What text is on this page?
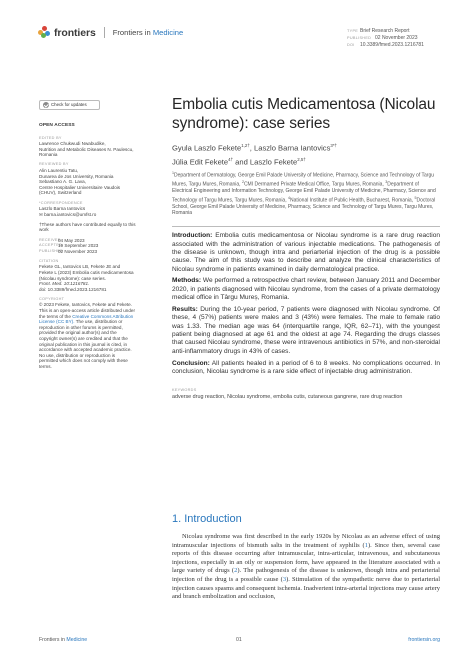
frontiers Frontiers in Medicine	TYPE Brief Research Report
PUBLISHED 02 November 2023
DOI 10.3389/fmed.2023.1216781
Check for updates
OPEN ACCESS
EDITED BY
Lawrence Chukwudi Nwabudike,
Nutrition and Metabolic Diseases N. Paulescu,
Romania
REVIEWED BY
Alin Laurentiu Tatu,
Dunarea de Jos University, Romania
Sebastiano A. G. Lava,
Centre Hospitalier Universitaire Vaudois
(CHUV), Switzerland
*CORRESPONDENCE
Laszlo Barna Iantovics
✉ barna.iantovics@umfst.ro
†These authors have contributed equally to this
work
RECEIVED
04 May 2023
ACCEPTED
19 September 2023
PUBLISHED
02 November 2023
CITATION
Fekete GL, Iantovics LB, Fekete JE and
Fekete L (2023) Embolia cutis medicamentosa
(Nicolau syndrome): case series.
Front. Med. 10:1216781.
doi: 10.3389/fmed.2023.1216781
COPYRIGHT
© 2023 Fekete, Iantovics, Fekete and Fekete.
This is an open-access article distributed under
the terms of the Creative Commons Attribution
License (CC BY). The use, distribution or
reproduction in other forums is permitted,
provided the original author(s) and the
copyright owner(s) are credited and that the
original publication in this journal is cited, in
accordance with accepted academic practice.
No use, distribution or reproduction is
permitted which does not comply with these
terms.
Embolia cutis Medicamentosa (Nicolau syndrome): case series
Gyula Laszlo Fekete$^{1,2\dagger}$, Laszlo Barna Iantovics$^{3*\dagger}$
Júlia Edit Fekete$^{4\dagger}$ and Laszlo Fekete$^{2,5\dagger}$
$^1$Department of Dermatology, George Emil Palade University of Medicine, Pharmacy, Science and Technology of Targu Mures, Targu Mures, Romania, $^2$CMI Dermamed Private Medical Office, Targu Mures, Romania, $^3$Department of Electrical Engineering and Information Technology, George Emil Palade University of Medicine, Pharmacy, Science and Technology of Targu Mures, Targu Mures, Romania, $^4$National Institute of Public Health, Bucharest, Romania, $^5$Doctoral School, George Emil Palade University of Medicine, Pharmacy, Science and Technology of Targu Mures, Targu Mures, Romania

Introduction: Embolia cutis medicamentosa or Nicolau syndrome is a rare drug reaction associated with the administration of various injectable medications. The pathogenesis of the disease is unknown, though intra and periarterial injection of the drug is a possible cause. The aim of this study was to describe and analyze the clinical characteristics of Nicolau syndrome in patients examined in daily dermatological practice.

Methods: We performed a retrospective chart review, between January 2011 and December 2020, in patients diagnosed with Nicolau syndrome, from the cases of a private dermatology medical office in Târgu Mureș, Romania.

Results: During the 10-year period, 7 patients were diagnosed with Nicolau syndrome. Of these, 4 (57%) patients were males and 3 (43%) were females. The male to female ratio was 1.33. The median age was 64 (interquartile range, IQR, 62–71), with the youngest patient being diagnosed at age 61 and the oldest at age 74. Regarding the drugs classes that caused Nicolau syndrome, these were intravenous antibiotics in 57%, and non-steroidal anti-inflammatory drugs in 43% of cases.

Conclusion: All patients healed in a period of 6 to 8 weeks. No complications occurred. In conclusion, Nicolau syndrome is a rare side effect of injectable drug administration.

KEYWORDS
adverse drug reaction, Nicolau syndrome, embolia cutis, cutaneous gangrene, rare drug reaction
1. Introduction

Nicolau syndrome was first described in the early 1920s by Nicolau as an adverse effect of using intramuscular injections of bismuth salts in the treatment of syphilis (1). Since then, several case reports of this disease occurring after intramuscular, intra-articular, intravenous, and subcutaneous injections, especially in an oily or suspension form, have appeared in the literature associated with a large variety of drugs (2). The pathogenesis of the disease is unknown, though intra and periarterial injection of the drug is a possible cause (3). Stimulation of the sympathetic nerve due to periarterial injection causes spasms and consequent ischemia. Inadvertent intra-arterial injections may cause artery and branch embolization and occlusion,

Frontiers in Medicine	01	frontiersin.org
